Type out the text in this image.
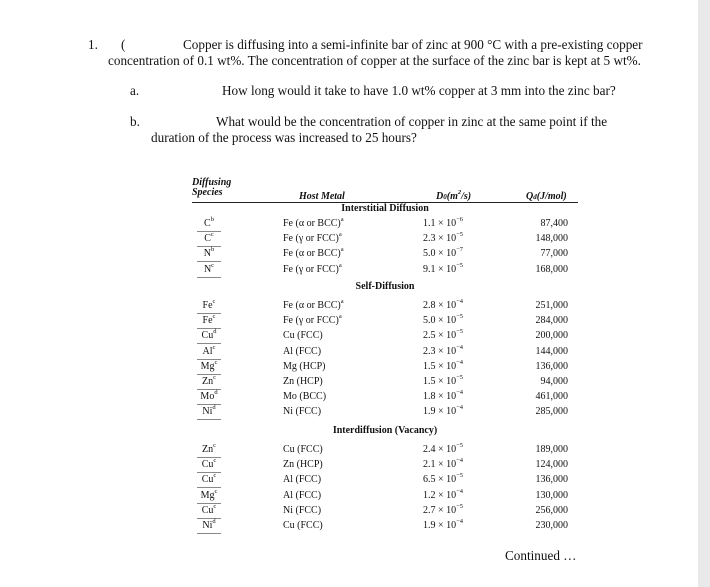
1. (	Copper is diffusing into a semi-infinite bar of zinc at 900 °C with a pre-existing copper
concentration of 0.1 wt%. The concentration of copper at the surface of the zinc bar is kept at 5 wt%.
a.	How long would it take to have 1.0 wt% copper at 3 mm into the zinc bar?
b.	What would be the concentration of copper in zinc at the same point if the
duration of the process was increased to 25 hours?
Diffusing
Species	Host Metal	$D0(m^2/s)$	Qd(J/mol)
Interstitial Diffusion
$C^b$	Fe (α or BCC)$^a$	$1.1 \times 10^{-6}$	87,400
$C^c$	Fe (γ or FCC)$^a$	$2.3 \times 10^{-5}$	148,000
$N^b$	Fe (α or BCC)$^a$	$5.0 \times 10^{-7}$	77,000
$N^c$	Fe (γ or FCC)$^a$	$9.1 \times 10^{-5}$	168,000
Self-Diffusion
Fe$^c$	Fe (α or BCC)$^a$	$2.8 \times 10^{-4}$	251,000
Fe$^c$	Fe (γ or FCC)$^a$	$5.0 \times 10^{-5}$	284,000
Cu$^d$	Cu (FCC)	$2.5 \times 10^{-5}$	200,000
Al$^c$	Al (FCC)	$2.3 \times 10^{-4}$	144,000
Mg$^c$	Mg (HCP)	$1.5 \times 10^{-4}$	136,000
Zn$^c$	Zn (HCP)	$1.5 \times 10^{-5}$	94,000
Mo$^d$	Mo (BCC)	$1.8 \times 10^{-4}$	461,000
Ni$^d$	Ni (FCC)	$1.9 \times 10^{-4}$	285,000
Interdiffusion (Vacancy)
Zn$^c$	Cu (FCC)	$2.4 \times 10^{-5}$	189,000
Cu$^c$	Zn (HCP)	$2.1 \times 10^{-4}$	124,000
Cu$^c$	Al (FCC)	$6.5 \times 10^{-5}$	136,000
Mg$^c$	Al (FCC)	$1.2 \times 10^{-4}$	130,000
Cu$^c$	Ni (FCC)	$2.7 \times 10^{-5}$	256,000
Ni$^d$	Cu (FCC)	$1.9 \times 10^{-4}$	230,000
Continued …
